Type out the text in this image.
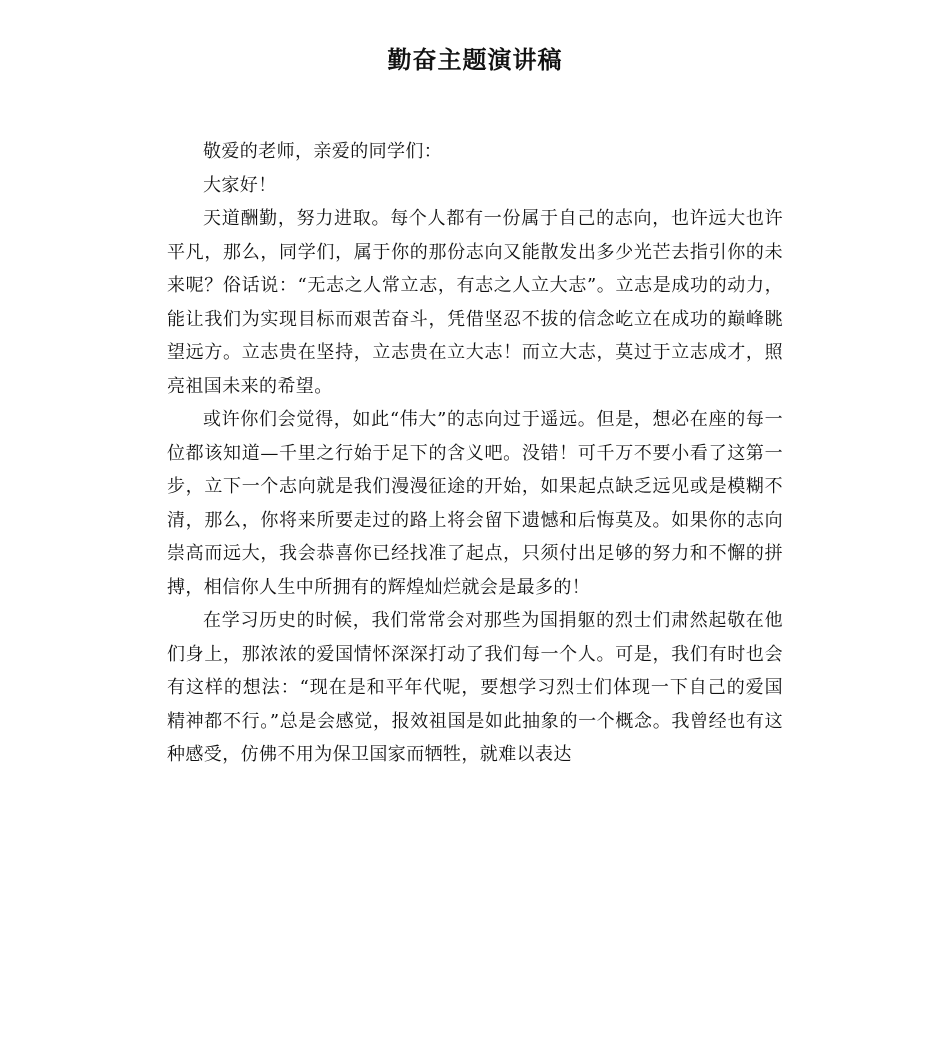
勤奋主题演讲稿

敬爱的老师，亲爱的同学们：

大家好！

天道酬勤，努力进取。每个人都有一份属于自己的志向，也许远大也许平凡，那么，同学们，属于你的那份志向又能散发出多少光芒去指引你的未来呢？俗话说：“无志之人常立志，有志之人立大志”。立志是成功的动力，能让我们为实现目标而艰苦奋斗，凭借坚忍不拔的信念屹立在成功的巅峰眺望远方。立志贵在坚持，立志贵在立大志！而立大志，莫过于立志成才，照亮祖国未来的希望。

或许你们会觉得，如此“伟大”的志向过于遥远。但是，想必在座的每一位都该知道—千里之行始于足下的含义吧。没错！可千万不要小看了这第一步，立下一个志向就是我们漫漫征途的开始，如果起点缺乏远见或是模糊不清，那么，你将来所要走过的路上将会留下遗憾和后悔莫及。如果你的志向崇高而远大，我会恭喜你已经找准了起点，只须付出足够的努力和不懈的拼搏，相信你人生中所拥有的辉煌灿烂就会是最多的！

在学习历史的时候，我们常常会对那些为国捐躯的烈士们肃然起敬在他们身上，那浓浓的爱国情怀深深打动了我们每一个人。可是，我们有时也会有这样的想法：“现在是和平年代呢，要想学习烈士们体现一下自己的爱国精神都不行。”总是会感觉，报效祖国是如此抽象的一个概念。我曾经也有这种感受，仿佛不用为保卫国家而牺牲，就难以表达
